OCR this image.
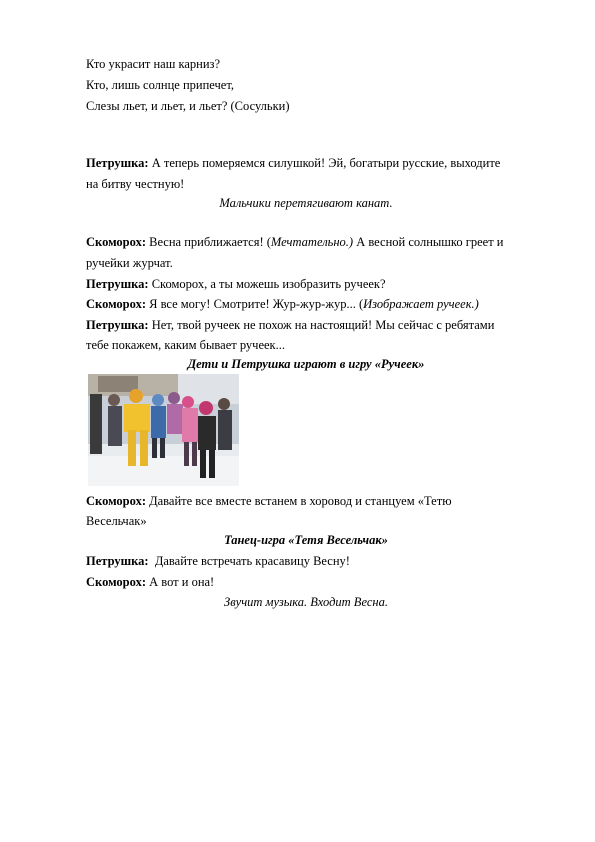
Кто украсит наш карниз?
Кто, лишь солнце припечет,
Слезы льет, и льет, и льет? (Сосульки)
Петрушка: А теперь померяемся силушкой! Эй, богатыри русские, выходите
на битву честную!
Мальчики перетягивают канат.
Скоморох: Весна приближается! (Мечтательно.) А весной солнышко греет и
ручейки журчат.
Петрушка: Скоморох, а ты можешь изобразить ручеек?
Скоморох: Я все могу! Смотрите! Жур-жур-жур... (Изображает ручеек.)
Петрушка: Нет, твой ручеек не похож на настоящий! Мы сейчас с ребятами
тебе покажем, каким бывает ручеек...
Дети и Петрушка играют в игру «Ручеек»
Скоморох: Давайте все вместе встанем в хоровод и станцуем «Тетю
Весельчак»
Танец-игра «Тетя Весельчак»
Петрушка:  Давайте встречать красавицу Весну!
Скоморох: А вот и она!
Звучит музыка. Входит Весна.
